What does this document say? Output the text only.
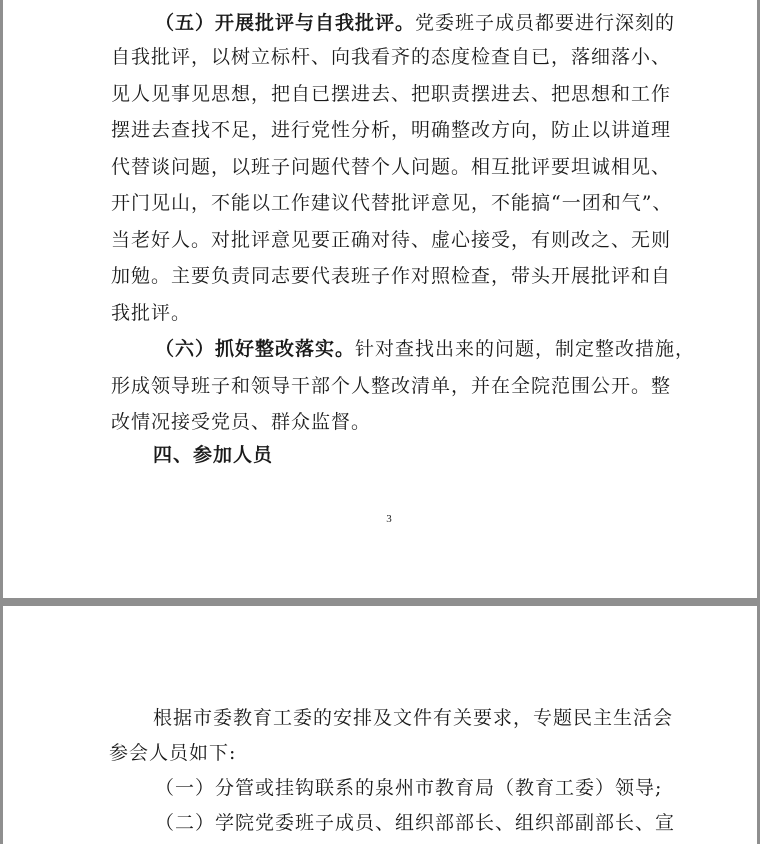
（五）开展批评与自我批评。党委班子成员都要进行深刻的
自我批评，以树立标杆、向我看齐的态度检查自已，落细落小、
见人见事见思想，把自已摆进去、把职责摆进去、把思想和工作
摆进去查找不足，进行党性分析，明确整改方向，防止以讲道理
代替谈问题，以班子问题代替个人问题。相互批评要坦诚相见、
开门见山，不能以工作建议代替批评意见，不能搞“一团和气”、
当老好人。对批评意见要正确对待、虚心接受，有则改之、无则
加勉。主要负责同志要代表班子作对照检查，带头开展批评和自
我批评。
（六）抓好整改落实。针对查找出来的问题，制定整改措施，
形成领导班子和领导干部个人整改清单，并在全院范围公开。整
改情况接受党员、群众监督。
四、参加人员
3
根据市委教育工委的安排及文件有关要求，专题民主生活会
参会人员如下:
（一）分管或挂钩联系的泉州市教育局（教育工委）领导;
（二）学院党委班子成员、组织部部长、组织部副部长、宣
